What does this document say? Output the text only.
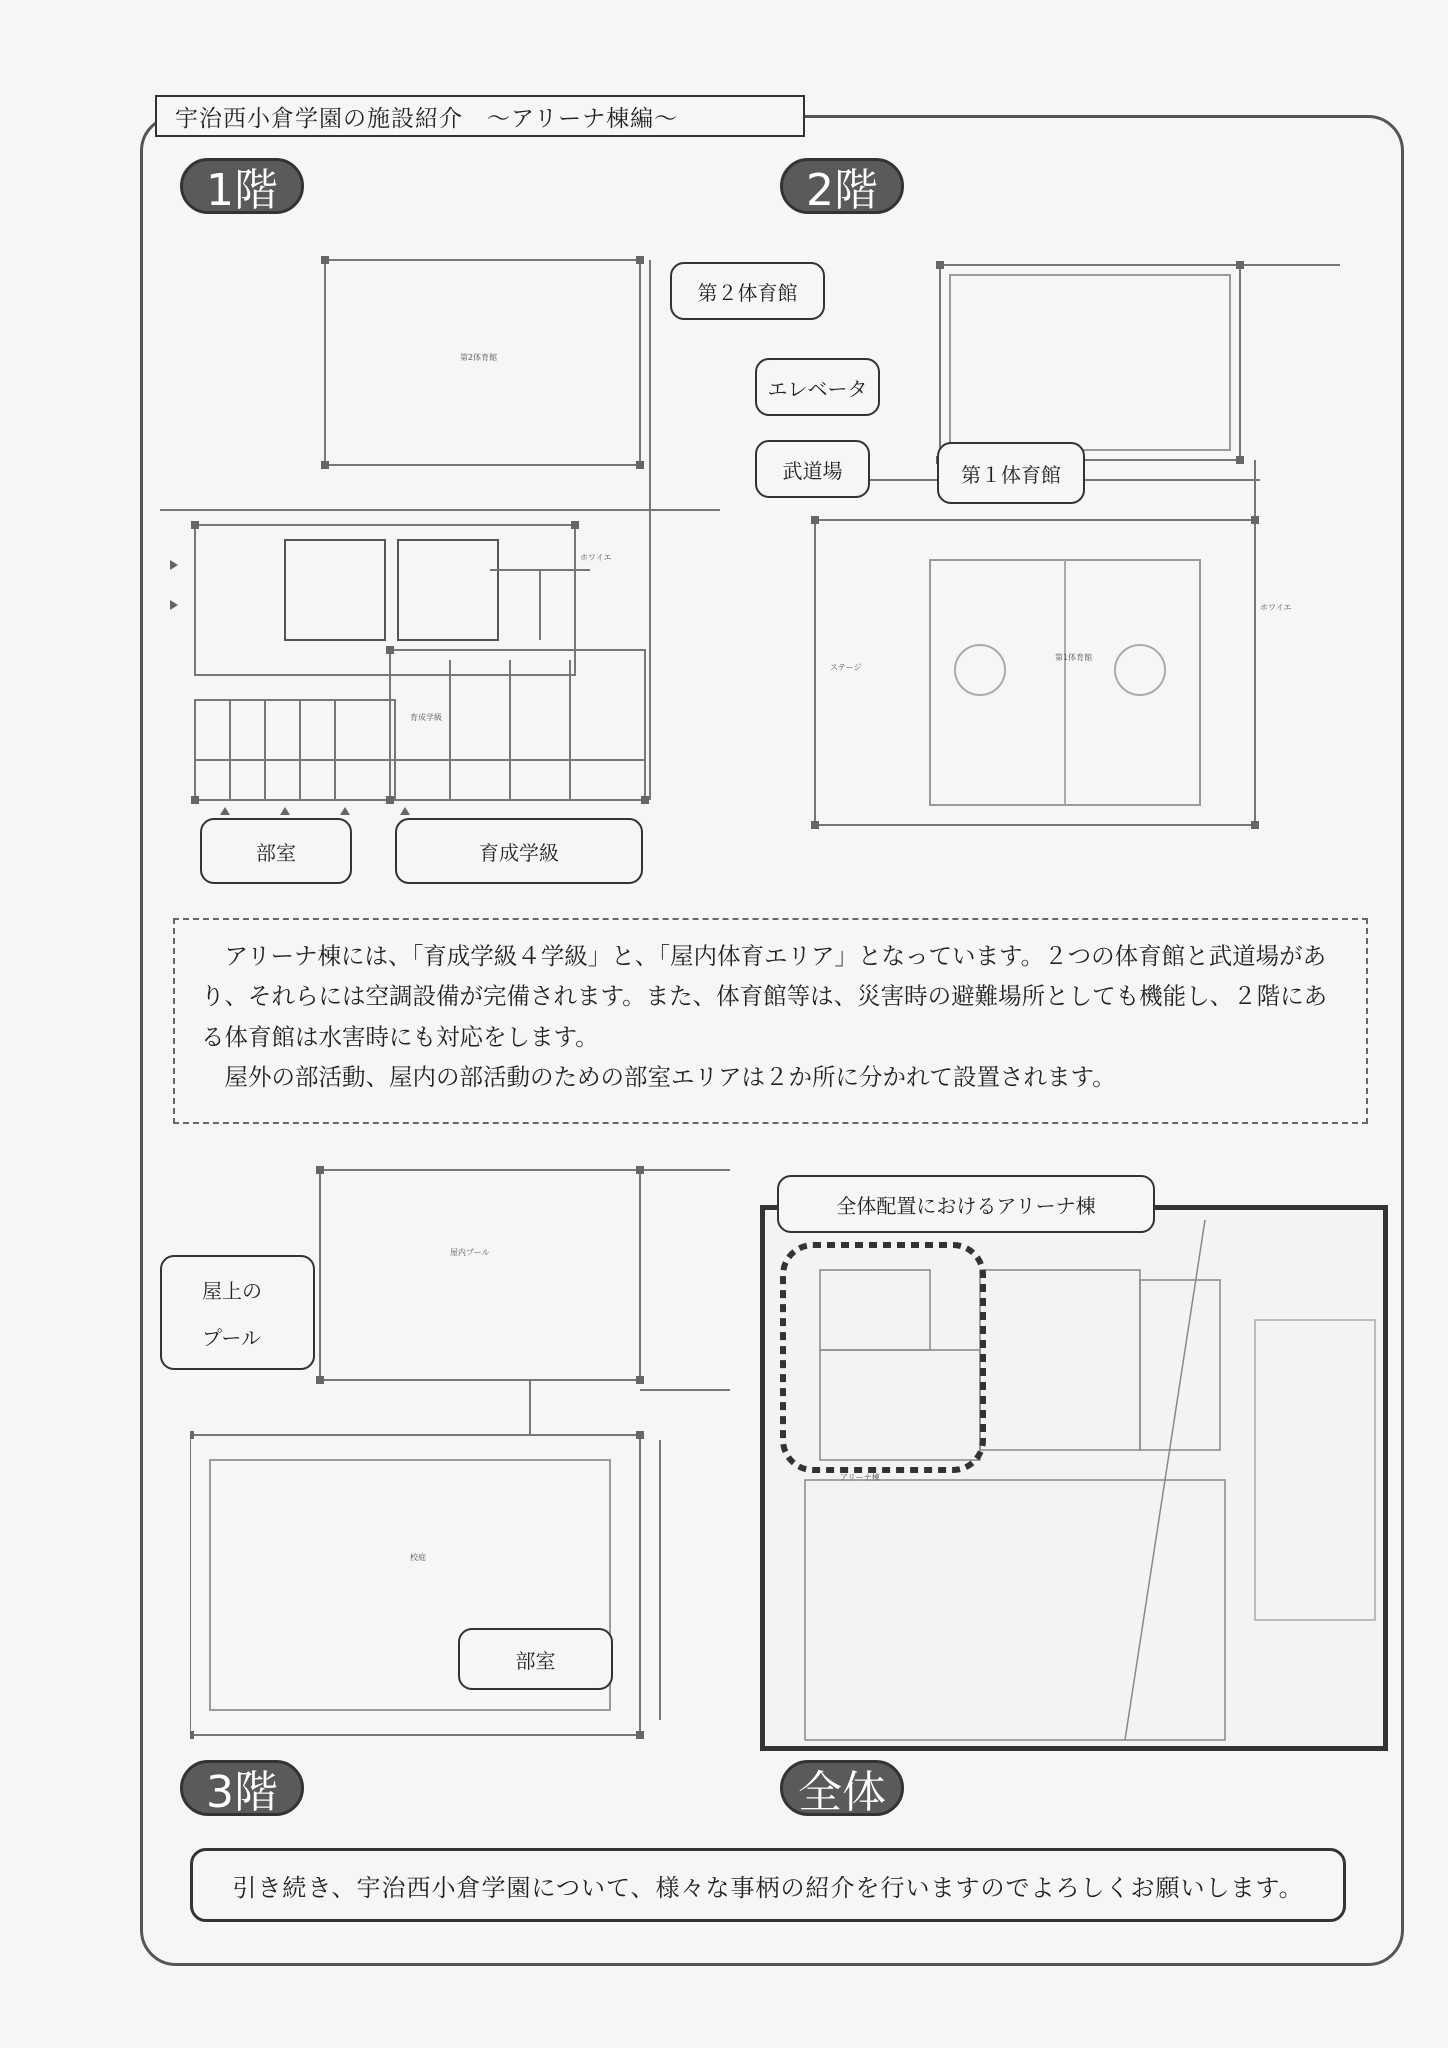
宇治西小倉学園の施設紹介　～アリーナ棟編～
1階	2階
3階	全体
第2体育館
ホワイエ
育成学級
第1体育館
ホワイエ
ステージ
屋内プール
校庭
アリーナ棟
第２体育館
エレベータ
武道場
部室	育成学級
第１体育館
屋上の
プール
部室
全体配置におけるアリーナ棟

アリーナ棟には、「育成学級４学級」と、「屋内体育エリア」となっています。２つの体育館と武道場があり、それらには空調設備が完備されます。また、体育館等は、災害時の避難場所としても機能し、２階にある体育館は水害時にも対応をします。

屋外の部活動、屋内の部活動のための部室エリアは２か所に分かれて設置されます。

引き続き、宇治西小倉学園について、様々な事柄の紹介を行いますのでよろしくお願いします。
